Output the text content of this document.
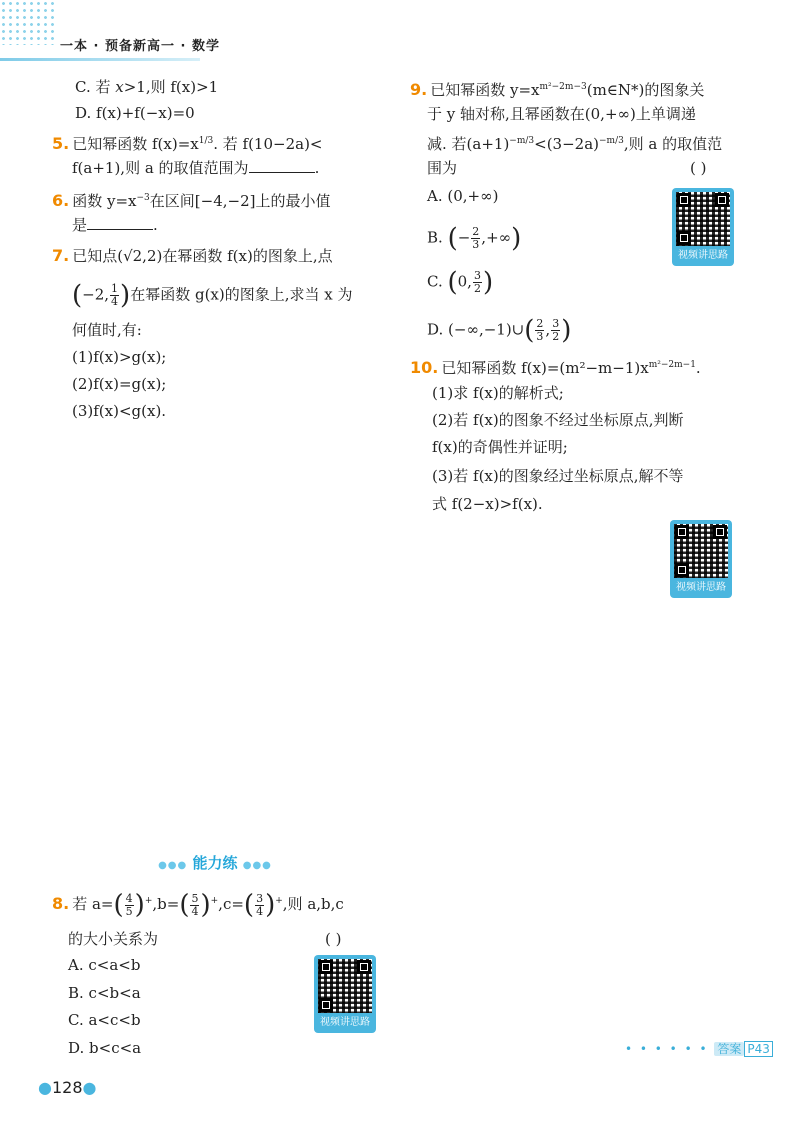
一本 · 预备新高一 · 数学
C. 若 x>1,则 f(x)>1
D. f(x)+f(−x)=0
5. 已知幂函数 $f(x)=x^{1/3}$. 若 f(10−2a)<
f(a+1),则 a 的取值范围为	.
6. 函数 $y=x^{-3}$在区间[−4,−2]上的最小值
是	.
7. 已知点(√2,2)在幂函数 f(x)的图象上,点
(−2, $\frac{1}{4}$ )在幂函数 g(x)的图象上,求当 x 为
何值时,有:
(1)f(x)>g(x);
(2)f(x)=g(x);
(3)f(x)<g(x).
●●● 能力练 ●●●
8. 若 $a=( \frac{4}{5} )^+,b=( \frac{5}{4} )^+,c=( \frac{3}{4} )^+$,则 a,b,c
的大小关系为	( )
A. c<a<b
B. c<b<a
C. a<c<b
D. b<c<a
视频讲思路
9. 已知幂函数 $y=x^{m^2-2m-3}(m\in N*)$的图象关
于 y 轴对称,且幂函数在(0,+∞)上单调递
减. 若$(a+1)^{-m/3}<(3-2a)^{-m/3}$,则 a 的取值范
围为	( )
A. (0,+∞)
B. (− $\frac{2}{3}$ ,+∞)
C. (0, $\frac{3}{2}$ )
D. (−∞,−1)∪( $\frac{2}{3}$ , $\frac{3}{2}$ )
视频讲思路
10. 已知幂函数 $f(x)=(m^2-m-1)x^{m^2-2m-1}$.
(1)求 f(x)的解析式;
(2)若 f(x)的图象不经过坐标原点,判断
f(x)的奇偶性并证明;
(3)若 f(x)的图象经过坐标原点,解不等
式 f(2−x)>f(x).
视频讲思路
●128●
• • • • • • 答案 P43
